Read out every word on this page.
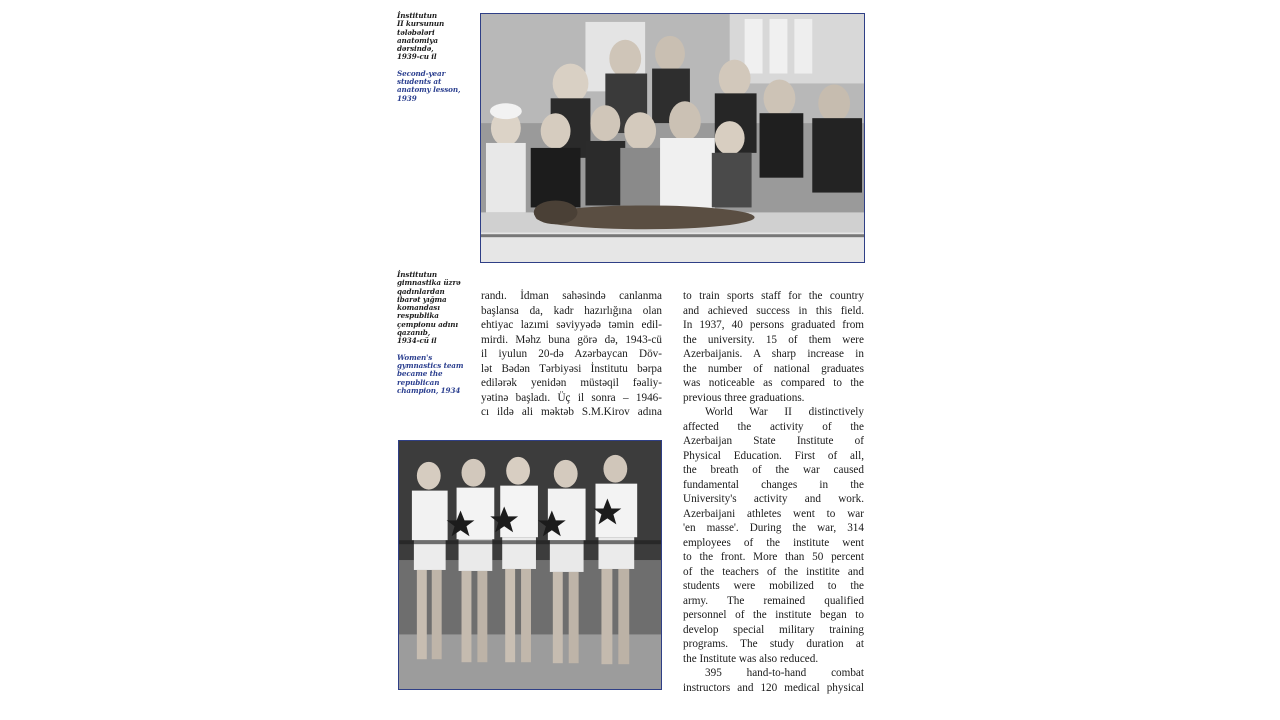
İnstitutun
II kursunun
tələbələri
anatomiya
dərsində,
1939-cu il
Second-year
students at
anatomy lesson,
1939
İnstitutun
gimnastika üzrə
qadınlardan
ibarət yığma
komandası
respublika
çempionu adını
qazanıb,
1934-cü il
Women's
gymnastics team
became the
republican
champion, 1934
randı. İdman sahəsində canlanma
başlansa da, kadr hazırlığına olan
ehtiyac lazımi səviyyədə təmin edil-
mirdi. Məhz buna görə də, 1943-cü
il iyulun 20-də Azərbaycan Döv-
lət Bədən Tərbiyəsi İnstitutu bərpa
edilərək yenidən müstəqil fəaliy-
yətinə başladı. Üç il sonra – 1946-
cı ildə ali məktəb S.M.Kirov adına
to train sports staff for the country
and achieved success in this field.
In 1937, 40 persons graduated from
the university. 15 of them were
Azerbaijanis. A sharp increase in
the number of national graduates
was noticeable as compared to the
previous three graduations.
World War II distinctively
affected the activity of the
Azerbaijan State Institute of
Physical Education. First of all,
the breath of the war caused
fundamental changes in the
University's activity and work.
Azerbaijani athletes went to war
'en masse'. During the war, 314
employees of the institute went
to the front. More than 50 percent
of the teachers of the institite and
students were mobilized to the
army. The remained qualified
personnel of the institute began to
develop special military training
programs. The study duration at
the Institute was also reduced.
395 hand-to-hand combat
instructors and 120 medical physical
